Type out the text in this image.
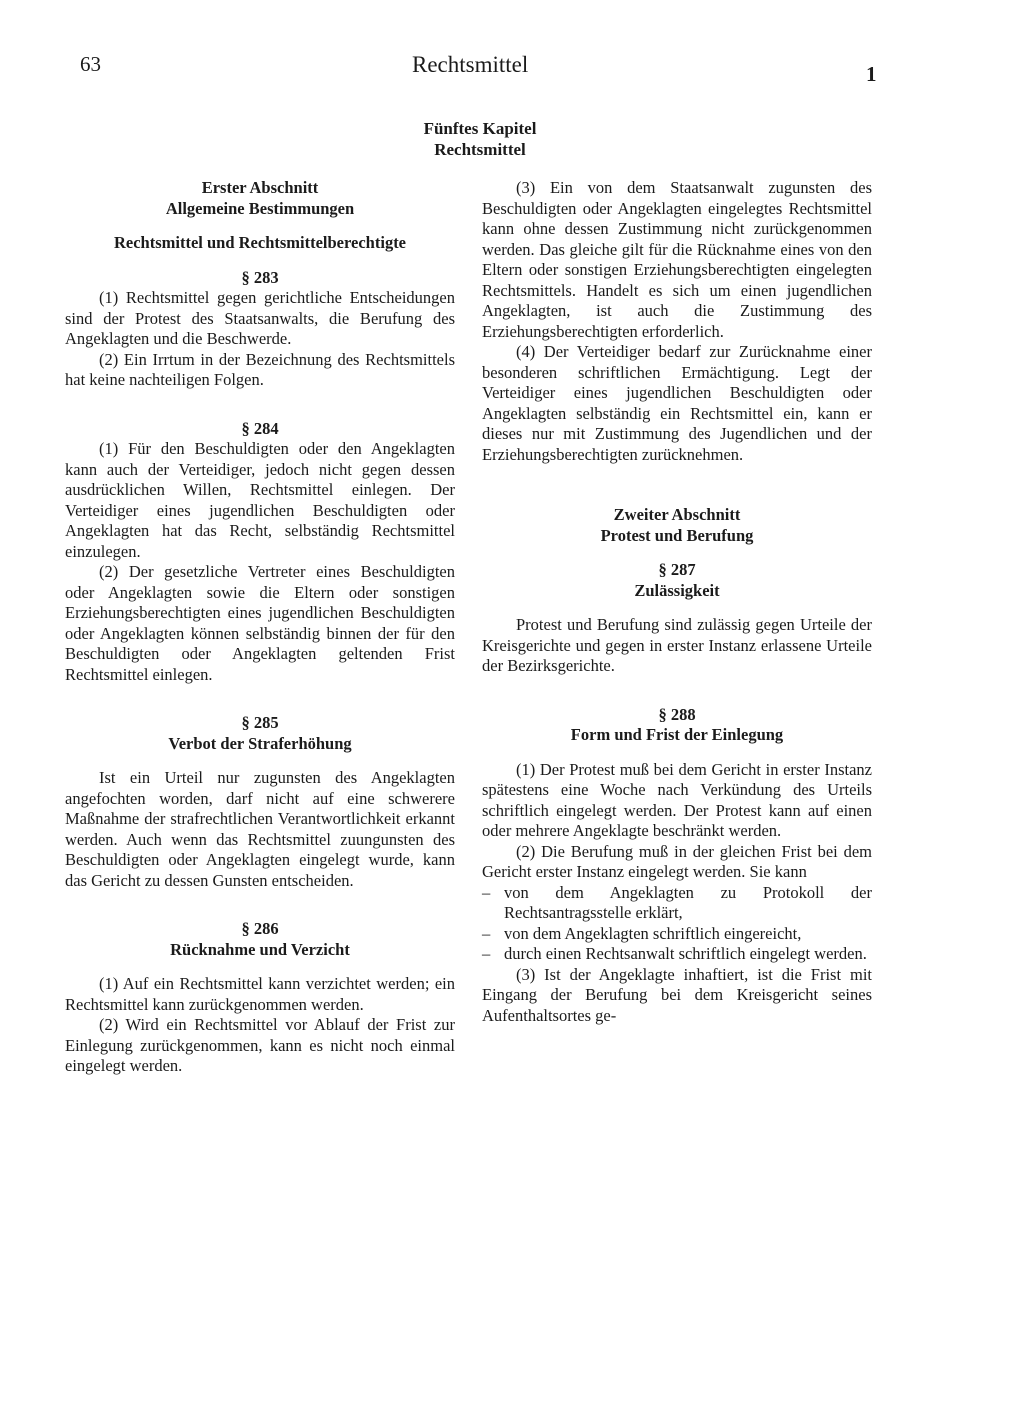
63	Rechtsmittel	1
Fünftes Kapitel
Rechtsmittel
Erster Abschnitt
Allgemeine Bestimmungen
Rechtsmittel und Rechtsmittelberechtigte
§ 283
(1) Rechtsmittel gegen gerichtliche Entscheidungen sind der Protest des Staatsanwalts, die Berufung des Angeklagten und die Beschwerde.
(2) Ein Irrtum in der Bezeichnung des Rechtsmittels hat keine nachteiligen Folgen.
§ 284
(1) Für den Beschuldigten oder den Angeklagten kann auch der Verteidiger, jedoch nicht gegen dessen ausdrücklichen Willen, Rechtsmittel einlegen. Der Verteidiger eines jugendlichen Beschuldigten oder Angeklagten hat das Recht, selbständig Rechtsmittel einzulegen.
(2) Der gesetzliche Vertreter eines Beschuldigten oder Angeklagten sowie die Eltern oder sonstigen Erziehungsberechtigten eines jugendlichen Beschuldigten oder Angeklagten können selbständig binnen der für den Beschuldigten oder Angeklagten geltenden Frist Rechtsmittel einlegen.
§ 285
Verbot der Straferhöhung
Ist ein Urteil nur zugunsten des Angeklagten angefochten worden, darf nicht auf eine schwerere Maßnahme der strafrechtlichen Verantwortlichkeit erkannt werden. Auch wenn das Rechtsmittel zuungunsten des Beschuldigten oder Angeklagten eingelegt wurde, kann das Gericht zu dessen Gunsten entscheiden.
§ 286
Rücknahme und Verzicht
(1) Auf ein Rechtsmittel kann verzichtet werden; ein Rechtsmittel kann zurückgenommen werden.
(2) Wird ein Rechtsmittel vor Ablauf der Frist zur Einlegung zurückgenommen, kann es nicht noch einmal eingelegt werden.
(3) Ein von dem Staatsanwalt zugunsten des Beschuldigten oder Angeklagten eingelegtes Rechtsmittel kann ohne dessen Zustimmung nicht zurückgenommen werden. Das gleiche gilt für die Rücknahme eines von den Eltern oder sonstigen Erziehungsberechtigten eingelegten Rechtsmittels. Handelt es sich um einen jugendlichen Angeklagten, ist auch die Zustimmung des Erziehungsberechtigten erforderlich.
(4) Der Verteidiger bedarf zur Zurücknahme einer besonderen schriftlichen Ermächtigung. Legt der Verteidiger eines jugendlichen Beschuldigten oder Angeklagten selbständig ein Rechtsmittel ein, kann er dieses nur mit Zustimmung des Jugendlichen und der Erziehungsberechtigten zurücknehmen.
Zweiter Abschnitt
Protest und Berufung
§ 287
Zulässigkeit
Protest und Berufung sind zulässig gegen Urteile der Kreisgerichte und gegen in erster Instanz erlassene Urteile der Bezirksgerichte.
§ 288
Form und Frist der Einlegung
(1) Der Protest muß bei dem Gericht in erster Instanz spätestens eine Woche nach Verkündung des Urteils schriftlich eingelegt werden. Der Protest kann auf einen oder mehrere Angeklagte beschränkt werden.
(2) Die Berufung muß in der gleichen Frist bei dem Gericht erster Instanz eingelegt werden. Sie kann
– von dem Angeklagten zu Protokoll der Rechtsantragsstelle erklärt,
– von dem Angeklagten schriftlich eingereicht,
– durch einen Rechtsanwalt schriftlich eingelegt werden.
(3) Ist der Angeklagte inhaftiert, ist die Frist mit Eingang der Berufung bei dem Kreisgericht seines Aufenthaltsortes ge-
